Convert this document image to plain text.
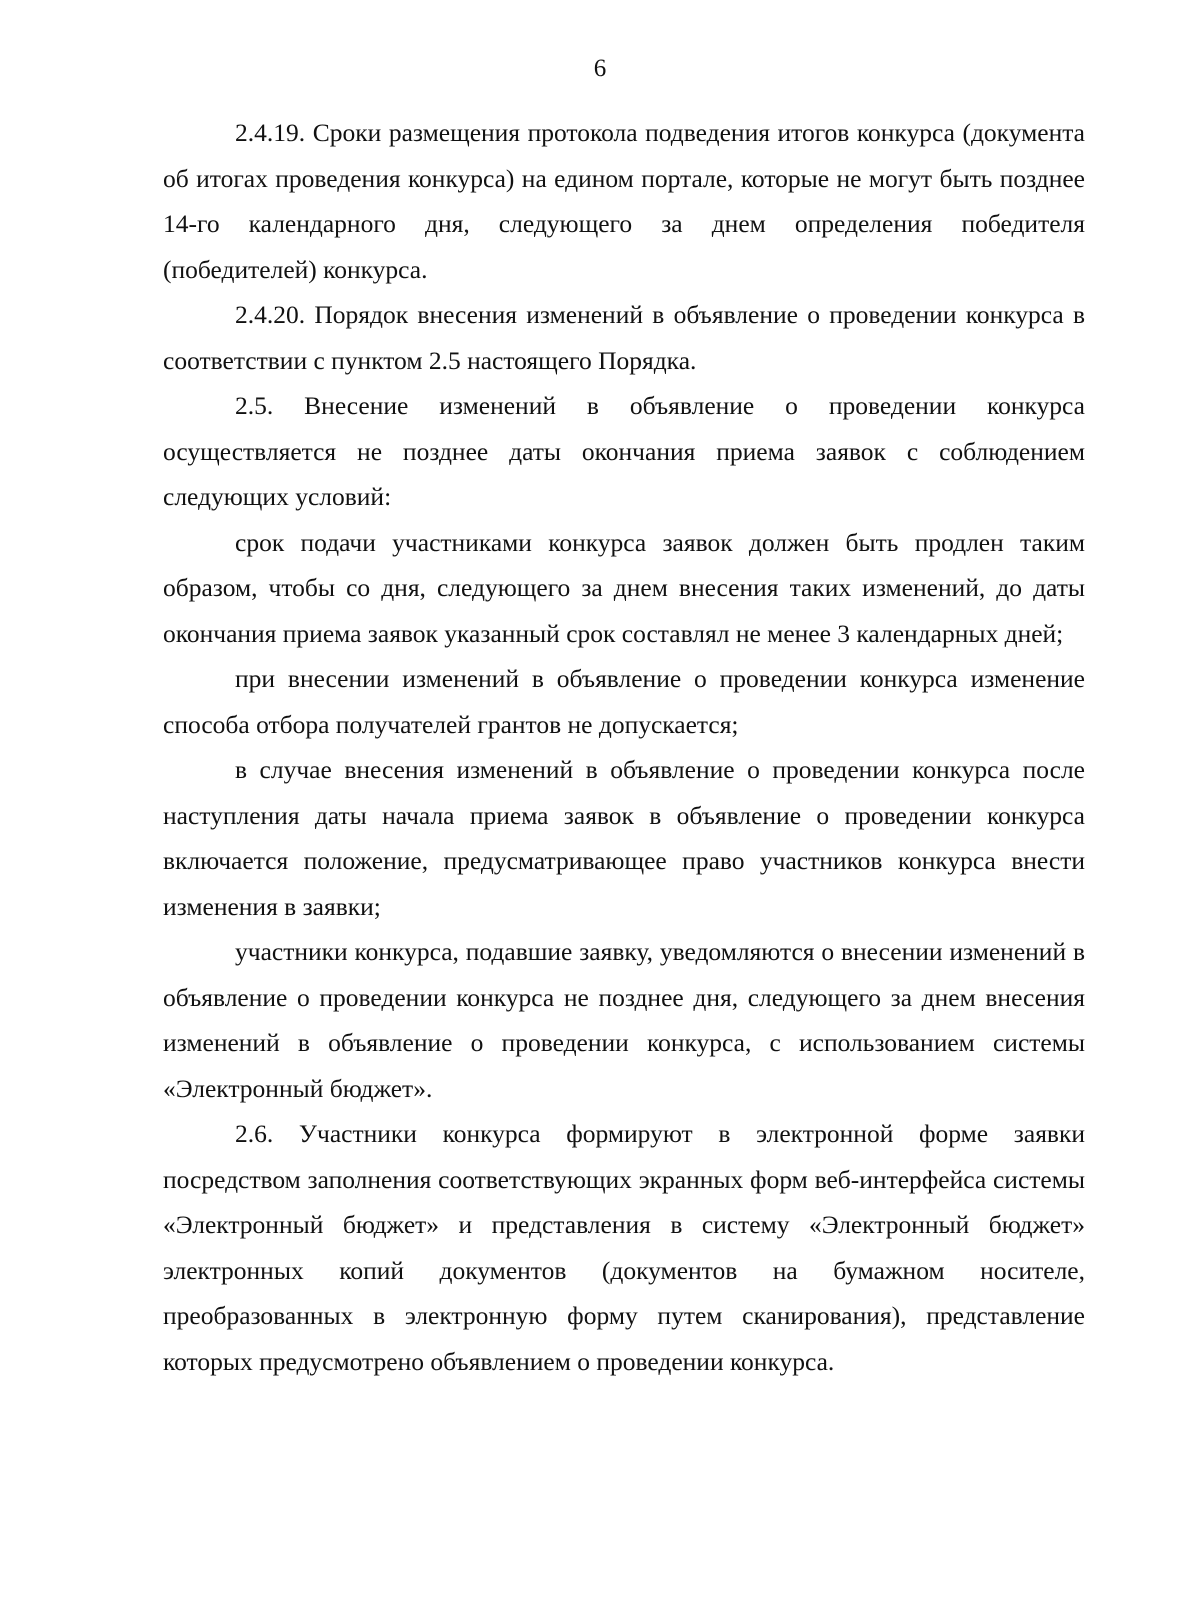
6

2.4.19. Сроки размещения протокола подведения итогов конкурса (документа об итогах проведения конкурса) на едином портале, которые не могут быть позднее 14-го календарного дня, следующего за днем определения победителя (победителей) конкурса.

2.4.20. Порядок внесения изменений в объявление о проведении конкурса в соответствии с пунктом 2.5 настоящего Порядка.

2.5. Внесение изменений в объявление о проведении конкурса осуществляется не позднее даты окончания приема заявок с соблюдением следующих условий:

срок подачи участниками конкурса заявок должен быть продлен таким образом, чтобы со дня, следующего за днем внесения таких изменений, до даты окончания приема заявок указанный срок составлял не менее 3 календарных дней;

при внесении изменений в объявление о проведении конкурса изменение способа отбора получателей грантов не допускается;

в случае внесения изменений в объявление о проведении конкурса после наступления даты начала приема заявок в объявление о проведении конкурса включается положение, предусматривающее право участников конкурса внести изменения в заявки;

участники конкурса, подавшие заявку, уведомляются о внесении изменений в объявление о проведении конкурса не позднее дня, следующего за днем внесения изменений в объявление о проведении конкурса, с использованием системы «Электронный бюджет».

2.6. Участники конкурса формируют в электронной форме заявки посредством заполнения соответствующих экранных форм веб-интерфейса системы «Электронный бюджет» и представления в систему «Электронный бюджет» электронных копий документов (документов на бумажном носителе, преобразованных в электронную форму путем сканирования), представление которых предусмотрено объявлением о проведении конкурса.
